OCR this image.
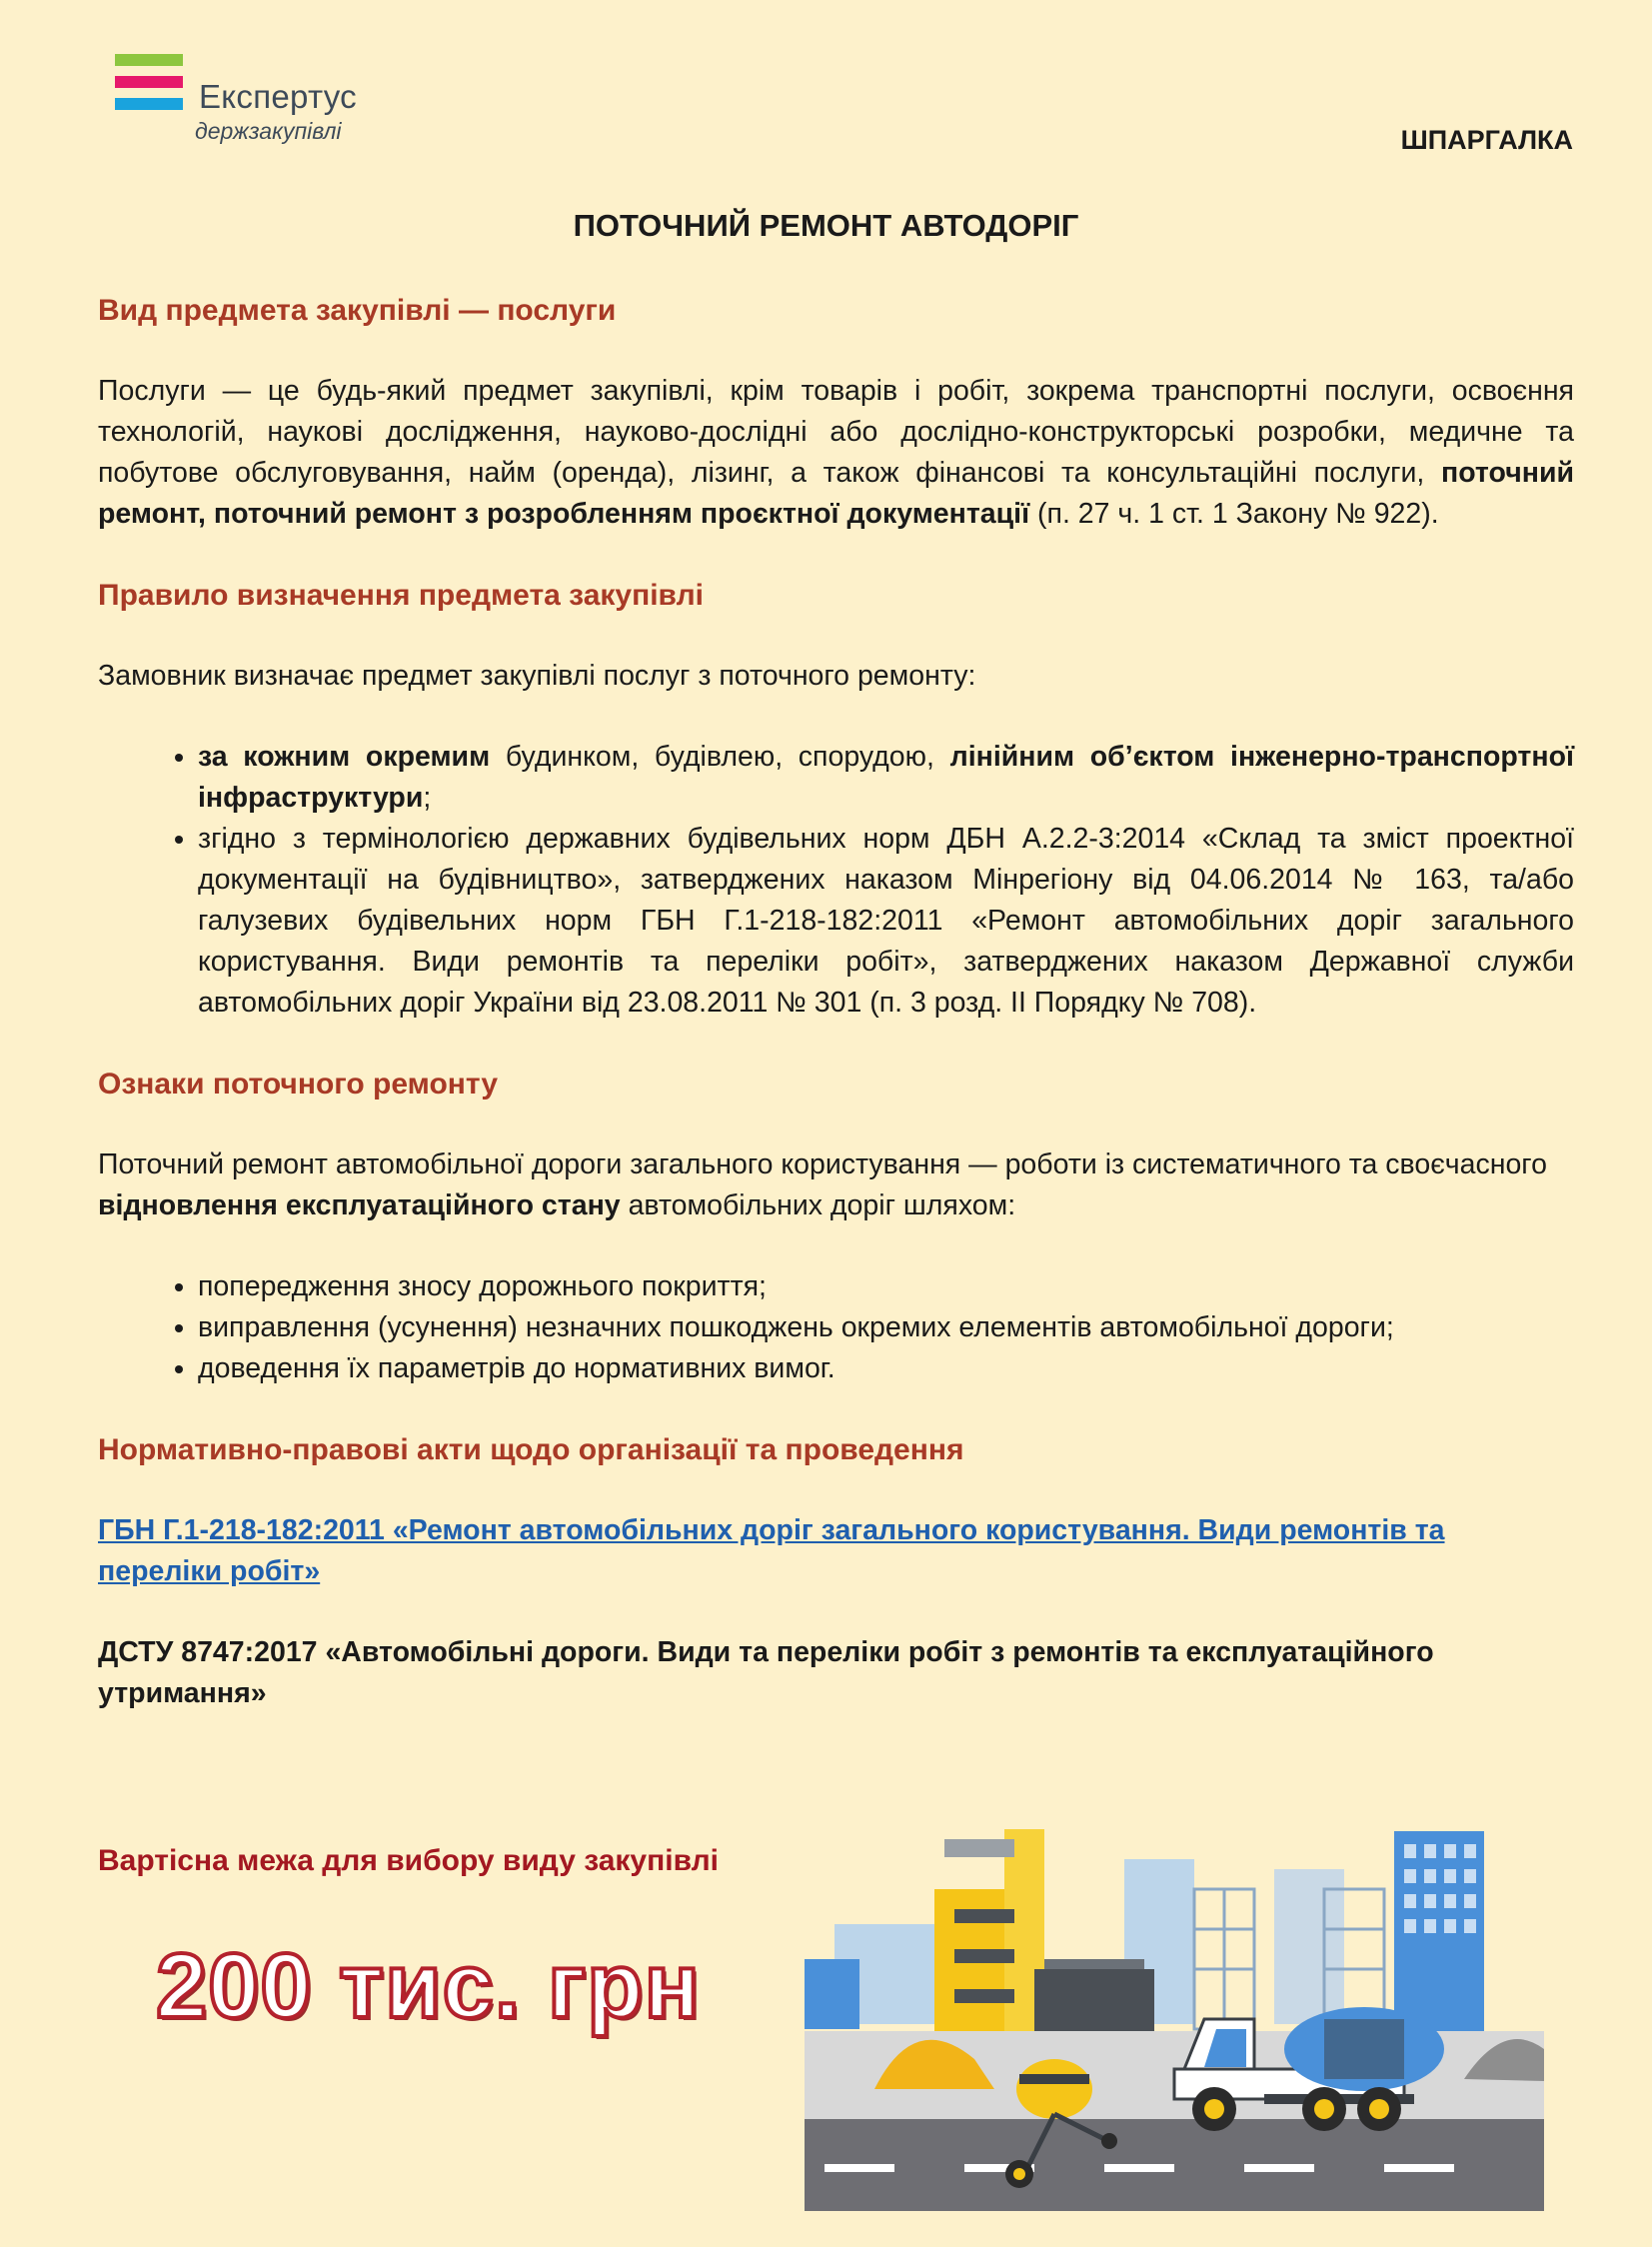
Експертус
держзакупівлі	ШПАРГАЛКА
ПОТОЧНИЙ РЕМОНТ АВТОДОРІГ
Вид предмета закупівлі — послуги

Послуги — це будь-який предмет закупівлі, крім товарів і робіт, зокрема транспортні послуги, освоєння технологій, наукові дослідження, науково-дослідні або дослідно-конструкторські розробки, медичне та побутове обслуговування, найм (оренда), лізинг, а також фінансові та консультаційні послуги, поточний ремонт, поточний ремонт з розробленням проєктної документації (п. 27 ч. 1 ст. 1 Закону № 922).

Правило визначення предмета закупівлі

Замовник визначає предмет закупівлі послуг з поточного ремонту:

• за кожним окремим будинком, будівлею, спорудою, лінійним об’єктом інженерно-транспортної інфраструктури;
• згідно з термінологією державних будівельних норм ДБН А.2.2-3:2014 «Склад та зміст проектної документації на будівництво», затверджених наказом Мінрегіону від 04.06.2014 № 163, та/або галузевих будівельних норм ГБН Г.1-218-182:2011 «Ремонт автомобільних доріг загального користування. Види ремонтів та переліки робіт», затверджених наказом Державної служби автомобільних доріг України від 23.08.2011 № 301 (п. 3 розд. ІІ Порядку № 708).
Ознаки поточного ремонту

Поточний ремонт автомобільної дороги загального користування — роботи із систематичного та своєчасного відновлення експлуатаційного стану автомобільних доріг шляхом:

• попередження зносу дорожнього покриття;
• виправлення (усунення) незначних пошкоджень окремих елементів автомобільної дороги;
• доведення їх параметрів до нормативних вимог.
Нормативно-правові акти щодо організації та проведення

ГБН Г.1-218-182:2011 «Ремонт автомобільних доріг загального користування. Види ремонтів та переліки робіт»

ДСТУ 8747:2017 «Автомобільні дороги. Види та переліки робіт з ремонтів та експлуатаційного утримання»

Вартісна межа для вибору виду закупівлі
200 тис. грн
